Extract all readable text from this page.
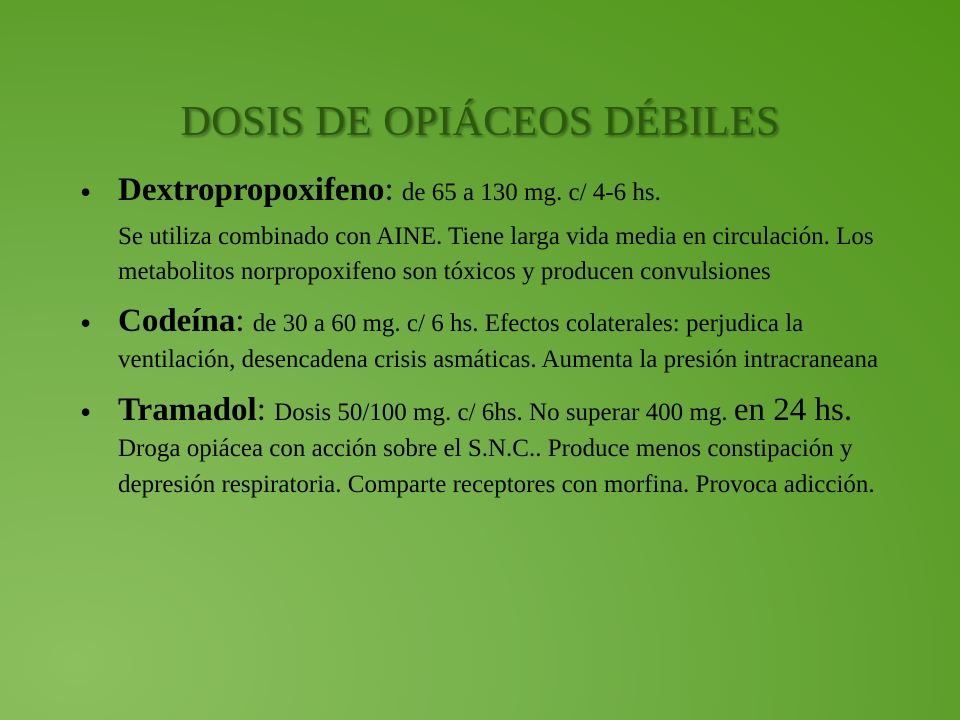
DOSIS DE OPIÁCEOS DÉBILES
• Dextropropoxifeno: de 65 a 130 mg. c/ 4-6 hs.
Se utiliza combinado con AINE. Tiene larga vida media en circulación. Los metabolitos norpropoxifeno son tóxicos y producen convulsiones
• Codeína: de 30 a 60 mg. c/ 6 hs. Efectos colaterales: perjudica la ventilación, desencadena crisis asmáticas. Aumenta la presión intracraneana
• Tramadol: Dosis 50/100 mg. c/ 6hs. No superar 400 mg. en 24 hs. Droga opiácea con acción sobre el S.N.C.. Produce menos constipación y depresión respiratoria. Comparte receptores con morfina. Provoca adicción.
